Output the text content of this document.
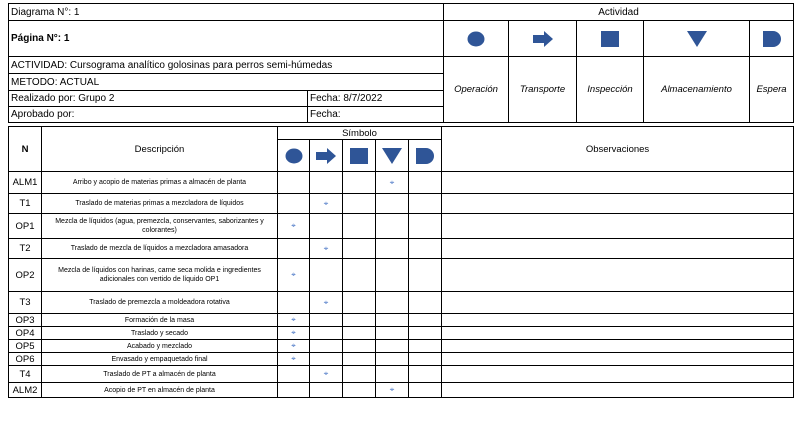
Diagrama N°: 1		Actividad				
Página N°: 1	

ACTIVIDAD: Cursograma analítico golosinas para perros semi-húmedas		Operación	Transporte	Inspección	Almacenamiento	Espera
METODO: ACTUAL						
Realizado por: Grupo 2	Fecha: 8/7/2022					
Aprobado por:	Fecha:					
N	Descripción	Símbolo					Observaciones

ALM1	Arribo y acopio de materias primas a almacén de planta				⌖		
T1	Traslado de materias primas a mezcladora de líquidos		⌖				
OP1	Mezcla de líquidos (agua, premezcla, conservantes, saborizantes y colorantes)	⌖					
T2	Traslado de mezcla de líquidos a mezcladora amasadora		⌖				
OP2	Mezcla de líquidos con harinas, carne seca molida e ingredientes adicionales con vertido de líquido OP1	⌖					
T3	Traslado de premezcla a moldeadora rotativa		⌖				
OP3	Formación de la masa	⌖					
OP4	Traslado y secado	⌖					
OP5	Acabado y mezclado	⌖					
OP6	Envasado y empaquetado final	⌖					
T4	Traslado de PT a almacén de planta		⌖				
ALM2	Acopio de PT en almacén de planta				⌖		
